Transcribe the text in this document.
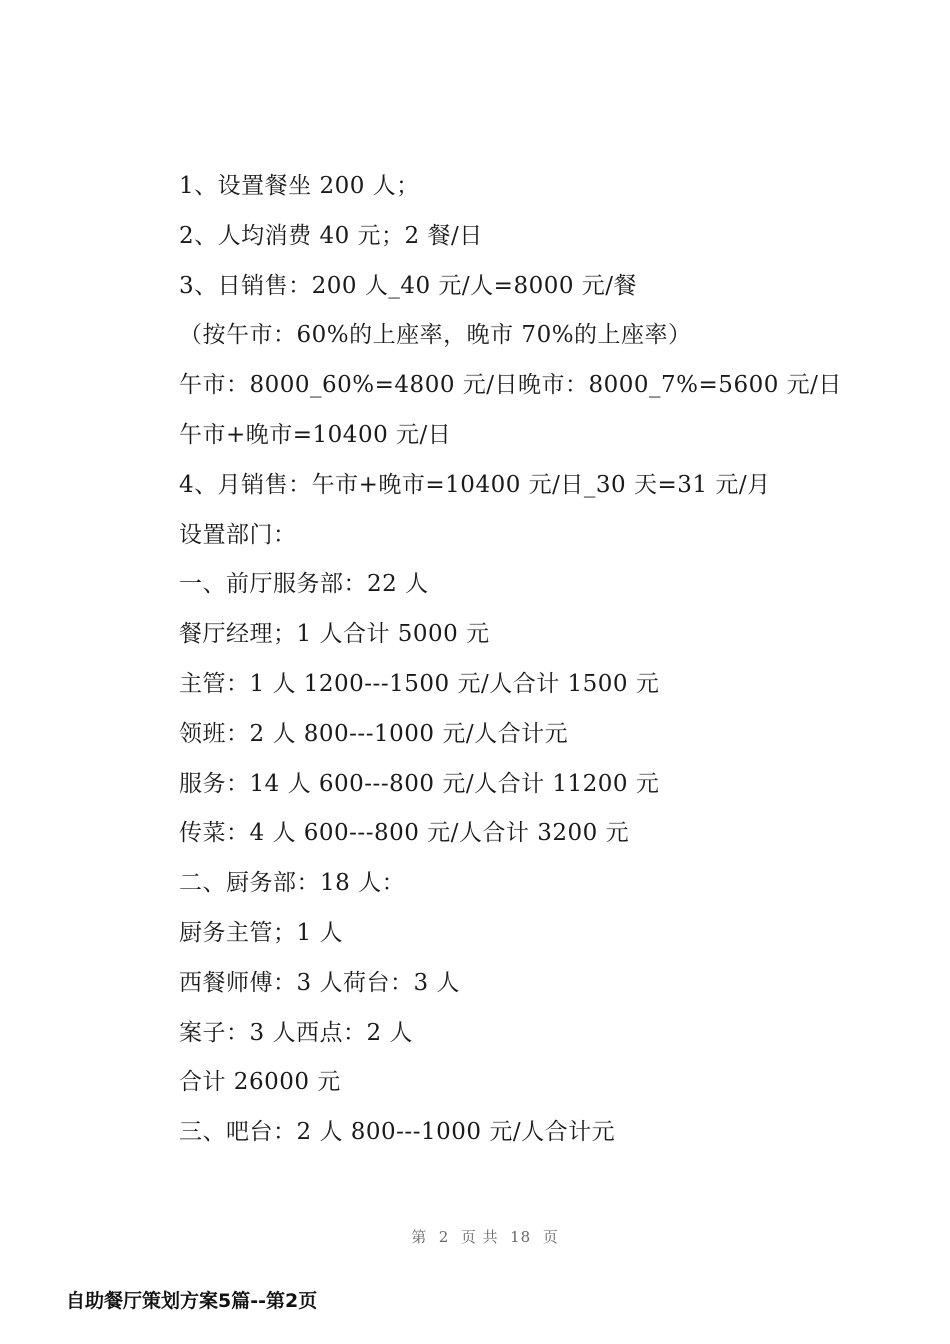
1、设置餐坐 200 人；
2、人均消费 40 元；2 餐/日
3、日销售：200 人_40 元/人=8000 元/餐
（按午市：60%的上座率，晚市 70%的上座率）
午市：8000_60%=4800 元/日晚市：8000_7%=5600 元/日
午市+晚市=10400 元/日
4、月销售：午市+晚市=10400 元/日_30 天=31 元/月
设置部门：
一、前厅服务部：22 人
餐厅经理；1 人合计 5000 元
主管：1 人 1200---1500 元/人合计 1500 元
领班：2 人 800---1000 元/人合计元
服务：14 人 600---800 元/人合计 11200 元
传菜：4 人 600---800 元/人合计 3200 元
二、厨务部：18 人：
厨务主管；1 人
西餐师傅：3 人荷台：3 人
案子：3 人西点：2 人
合计 26000 元
三、吧台：2 人 800---1000 元/人合计元
第  2  页 共  18  页
自助餐厅策划方案5篇--第2页
